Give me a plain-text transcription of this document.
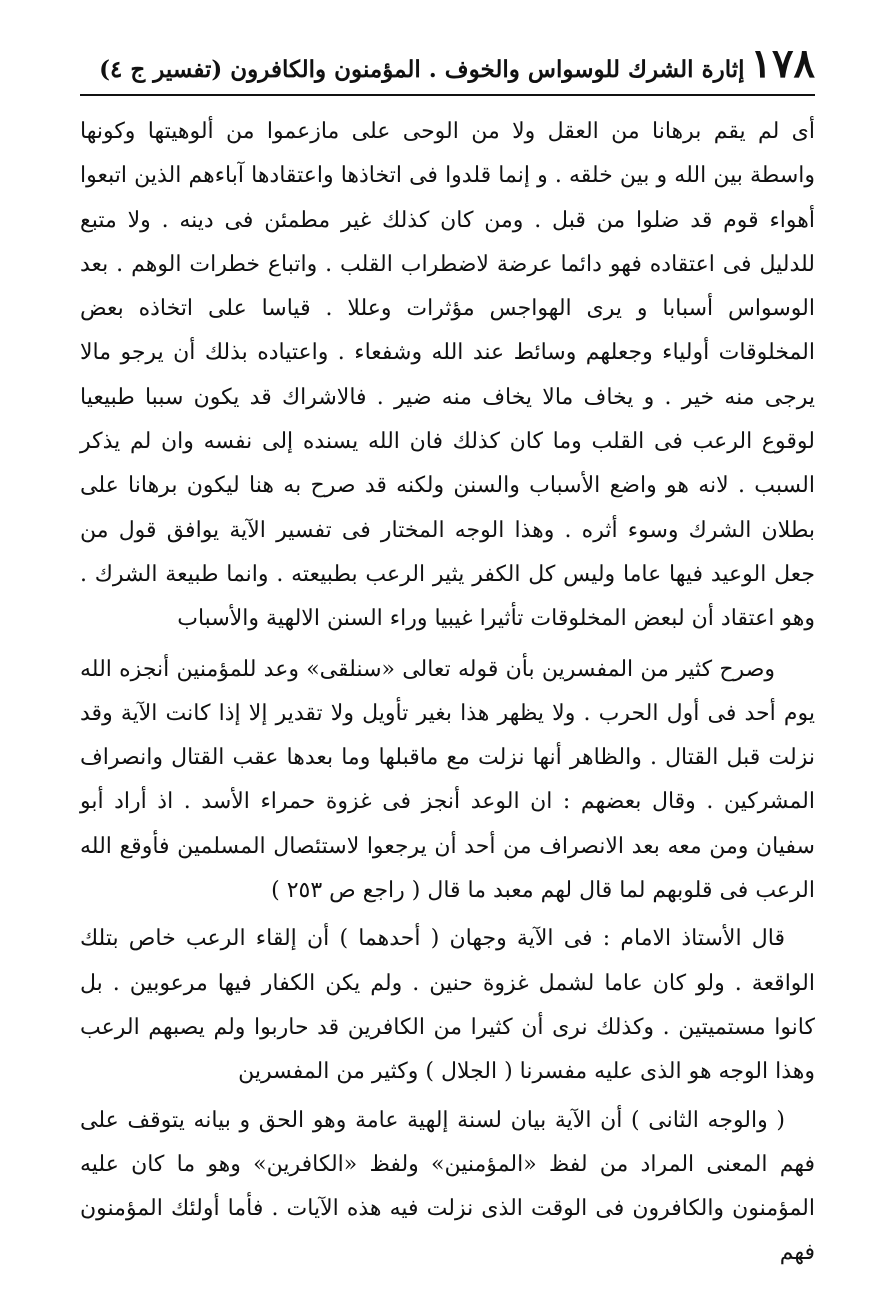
١٧٨
إثارة الشرك للوسواس والخوف . المؤمنون والكافرون (تفسير ج ٤)

أى لم يقم برهانا من العقل ولا من الوحى على مازعموا من ألوهيتها وكونها واسطة بين الله و بين خلقه . و إنما قلدوا فى اتخاذها واعتقادها آباءهم الذين اتبعوا أهواء قوم قد ضلوا من قبل . ومن كان كذلك غير مطمئن فى دينه . ولا متبع للدليل فى اعتقاده فهو دائما عرضة لاضطراب القلب . واتباع خطرات الوهم . بعد الوسواس أسبابا و يرى الهواجس مؤثرات وعللا . قياسا على اتخاذه بعض المخلوقات أولياء وجعلهم وسائط عند الله وشفعاء . واعتياده بذلك أن يرجو مالا يرجى منه خير . و يخاف مالا يخاف منه ضير . فالاشراك قد يكون سببا طبيعيا لوقوع الرعب فى القلب وما كان كذلك فان الله يسنده إلى نفسه وان لم يذكر السبب . لانه هو واضع الأسباب والسنن ولكنه قد صرح به هنا ليكون برهانا على بطلان الشرك وسوء أثره . وهذا الوجه المختار فى تفسير الآية يوافق قول من جعل الوعيد فيها عاما وليس كل الكفر يثير الرعب بطبيعته . وانما طبيعة الشرك . وهو اعتقاد أن لبعض المخلوقات تأثيرا غيبيا وراء السنن الالهية والأسباب

وصرح كثير من المفسرين بأن قوله تعالى «سنلقى» وعد للمؤمنين أنجزه الله يوم أحد فى أول الحرب . ولا يظهر هذا بغير تأويل ولا تقدير إلا إذا كانت الآية وقد نزلت قبل القتال . والظاهر أنها نزلت مع ماقبلها وما بعدها عقب القتال وانصراف المشركين . وقال بعضهم : ان الوعد أنجز فى غزوة حمراء الأسد . اذ أراد أبو سفيان ومن معه بعد الانصراف من أحد أن يرجعوا لاستئصال المسلمين فأوقع الله الرعب فى قلوبهم لما قال لهم معبد ما قال ( راجع ص ٢٥٣ )

قال الأستاذ الامام : فى الآية وجهان ( أحدهما ) أن إلقاء الرعب خاص بتلك الواقعة . ولو كان عاما لشمل غزوة حنين . ولم يكن الكفار فيها مرعوبين . بل كانوا مستميتين . وكذلك نرى أن كثيرا من الكافرين قد حاربوا ولم يصبهم الرعب وهذا الوجه هو الذى عليه مفسرنا ( الجلال ) وكثير من المفسرين

( والوجه الثانى ) أن الآية بيان لسنة إلهية عامة وهو الحق و بيانه يتوقف على فهم المعنى المراد من لفظ «المؤمنين» ولفظ «الكافرين» وهو ما كان عليه المؤمنون والكافرون فى الوقت الذى نزلت فيه هذه الآيات . فأما أولئك المؤمنون فهم
